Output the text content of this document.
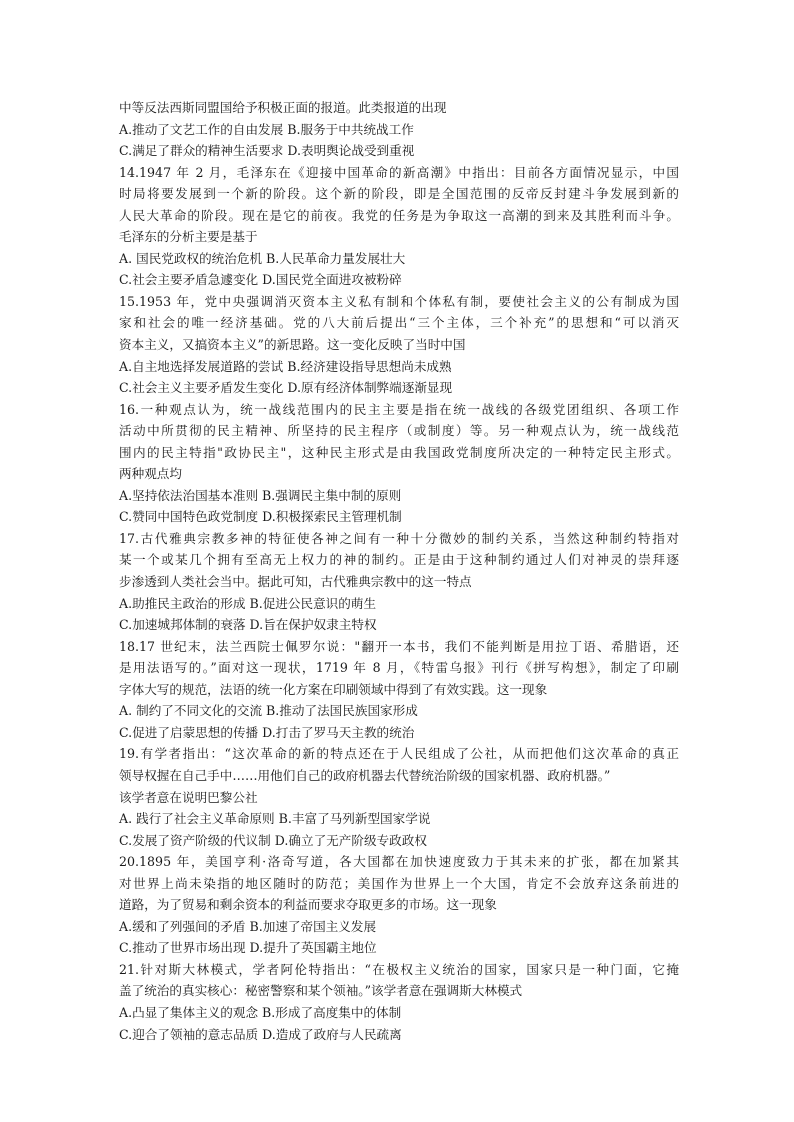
中等反法西斯同盟国给予积极正面的报道。此类报道的出现
A.推动了文艺工作的自由发展 B.服务于中共统战工作
C.满足了群众的精神生活要求 D.表明舆论战受到重视
14.1947 年 2 月，毛泽东在《迎接中国革命的新高潮》中指出：目前各方面情况显示，中国
时局将要发展到一个新的阶段。这个新的阶段，即是全国范围的反帝反封建斗争发展到新的
人民大革命的阶段。现在是它的前夜。我党的任务是为争取这一高潮的到来及其胜利而斗争。
毛泽东的分析主要是基于
A. 国民党政权的统治危机 B.人民革命力量发展壮大
C.社会主要矛盾急遽变化 D.国民党全面进攻被粉碎
15.1953 年，党中央强调消灭资本主义私有制和个体私有制，要使社会主义的公有制成为国
家和社会的唯一经济基础。党的八大前后提出“三个主体，三个补充”的思想和“可以消灭
资本主义，又搞资本主义”的新思路。这一变化反映了当时中国
A.自主地选择发展道路的尝试 B.经济建设指导思想尚未成熟
C.社会主义主要矛盾发生变化 D.原有经济体制弊端逐渐显现
16.一种观点认为，统一战线范围内的民主主要是指在统一战线的各级党团组织、各项工作
活动中所贯彻的民主精神、所坚持的民主程序（或制度）等。另一种观点认为，统一战线范
围内的民主特指"政协民主"，这种民主形式是由我国政党制度所决定的一种特定民主形式。
两种观点均
A.坚持依法治国基本准则 B.强调民主集中制的原则
C.赞同中国特色政党制度 D.积极探索民主管理机制
17.古代雅典宗教多神的特征使各神之间有一种十分微妙的制约关系，当然这种制约特指对
某一个或某几个拥有至高无上权力的神的制约。正是由于这种制约通过人们对神灵的崇拜逐
步渗透到人类社会当中。据此可知，古代雅典宗教中的这一特点
A.助推民主政治的形成 B.促进公民意识的萌生
C.加速城邦体制的衰落 D.旨在保护奴隶主特权
18.17 世纪末，法兰西院士佩罗尔说："翻开一本书，我们不能判断是用拉丁语、希腊语，还
是用法语写的。”面对这一现状，1719 年 8 月，《特雷乌报》刊行《拼写构想》，制定了印刷
字体大写的规范，法语的统一化方案在印刷领域中得到了有效实践。这一现象
A. 制约了不同文化的交流 B.推动了法国民族国家形成
C.促进了启蒙思想的传播 D.打击了罗马天主教的统治
19.有学者指出：“这次革命的新的特点还在于人民组成了公社，从而把他们这次革命的真正
领导权握在自己手中……用他们自己的政府机器去代替统治阶级的国家机器、政府机器。”
该学者意在说明巴黎公社
A. 践行了社会主义革命原则 B.丰富了马列新型国家学说
C.发展了资产阶级的代议制 D.确立了无产阶级专政政权
20.1895 年，美国亨利·洛奇写道，各大国都在加快速度致力于其未来的扩张，都在加紧其
对世界上尚未染指的地区随时的防范；美国作为世界上一个大国，肯定不会放弃这条前进的
道路，为了贸易和剩余资本的利益而要求夺取更多的市场。这一现象
A.缓和了列强间的矛盾 B.加速了帝国主义发展
C.推动了世界市场出现 D.提升了英国霸主地位
21.针对斯大林模式，学者阿伦特指出：“在极权主义统治的国家，国家只是一种门面，它掩
盖了统治的真实核心：秘密警察和某个领袖。”该学者意在强调斯大林模式
A.凸显了集体主义的观念 B.形成了高度集中的体制
C.迎合了领袖的意志品质 D.造成了政府与人民疏离
